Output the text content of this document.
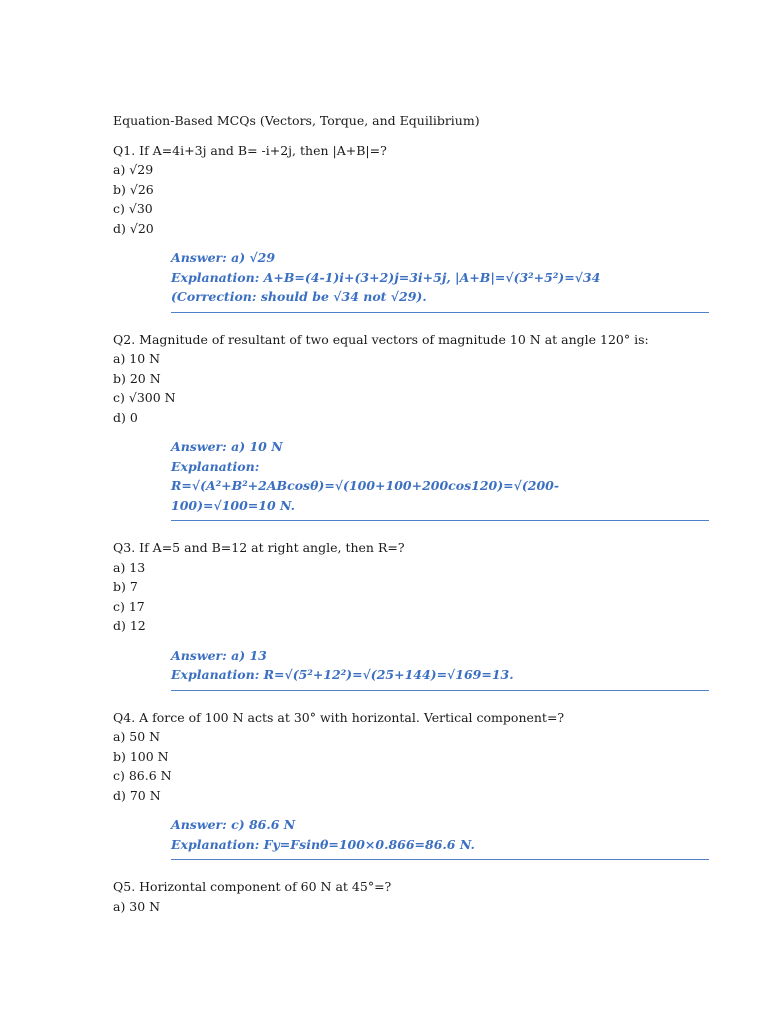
Equation-Based MCQs (Vectors, Torque, and Equilibrium)
Q1. If A=4i+3j and B= -i+2j, then |A+B|=?
a) √29
b) √26
c) √30
d) √20
Answer: a) √29
Explanation: A+B=(4-1)i+(3+2)j=3i+5j, |A+B|=√(3²+5²)=√34
(Correction: should be √34 not √29).
Q2. Magnitude of resultant of two equal vectors of magnitude 10 N at angle 120° is:
a) 10 N
b) 20 N
c) √300 N
d) 0
Answer: a) 10 N
Explanation:
R=√(A²+B²+2ABcosθ)=√(100+100+200cos120)=√(200-
100)=√100=10 N.
Q3. If A=5 and B=12 at right angle, then R=?
a) 13
b) 7
c) 17
d) 12
Answer: a) 13
Explanation: R=√(5²+12²)=√(25+144)=√169=13.
Q4. A force of 100 N acts at 30° with horizontal. Vertical component=?
a) 50 N
b) 100 N
c) 86.6 N
d) 70 N
Answer: c) 86.6 N
Explanation: Fy=Fsinθ=100×0.866=86.6 N.
Q5. Horizontal component of 60 N at 45°=?
a) 30 N
